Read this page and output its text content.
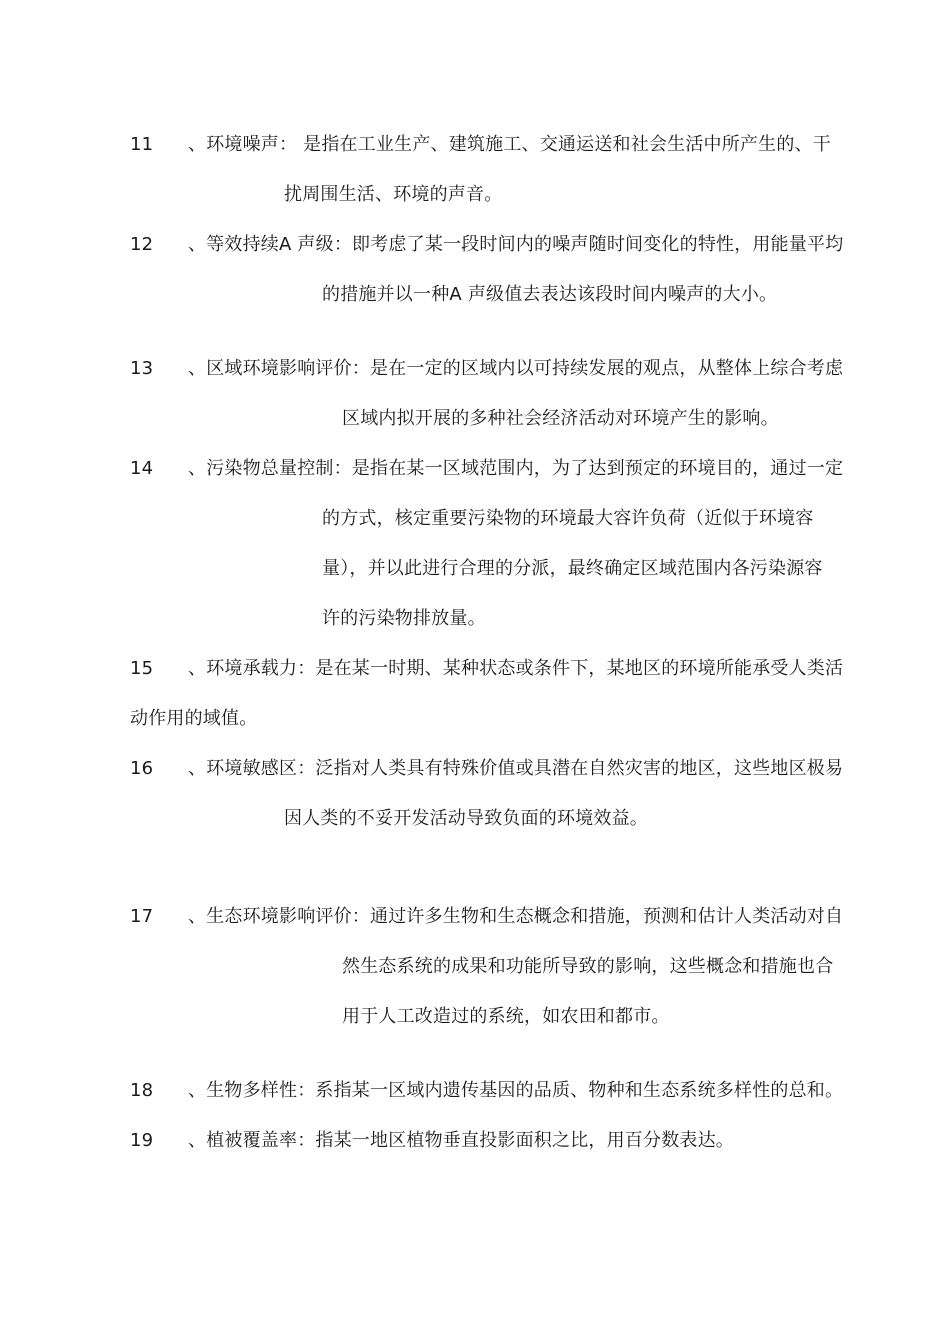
11 、环境噪声： 是指在工业生产、建筑施工、交通运送和社会生活中所产生的、干
扰周围生活、环境的声音。
12 、等效持续A 声级：即考虑了某一段时间内的噪声随时间变化的特性，用能量平均
的措施并以一种A 声级值去表达该段时间内噪声的大小。
13 、区域环境影响评价：是在一定的区域内以可持续发展的观点，从整体上综合考虑
区域内拟开展的多种社会经济活动对环境产生的影响。
14 、污染物总量控制：是指在某一区域范围内，为了达到预定的环境目的，通过一定
的方式，核定重要污染物的环境最大容许负荷（近似于环境容
量），并以此进行合理的分派，最终确定区域范围内各污染源容
许的污染物排放量。
15 、环境承载力：是在某一时期、某种状态或条件下，某地区的环境所能承受人类活
动作用的域值。
16 、环境敏感区：泛指对人类具有特殊价值或具潜在自然灾害的地区，这些地区极易
因人类的不妥开发活动导致负面的环境效益。
17 、生态环境影响评价：通过许多生物和生态概念和措施，预测和估计人类活动对自
然生态系统的成果和功能所导致的影响，这些概念和措施也合
用于人工改造过的系统，如农田和都市。
18 、生物多样性：系指某一区域内遗传基因的品质、物种和生态系统多样性的总和。
19 、植被覆盖率：指某一地区植物垂直投影面积之比，用百分数表达。
